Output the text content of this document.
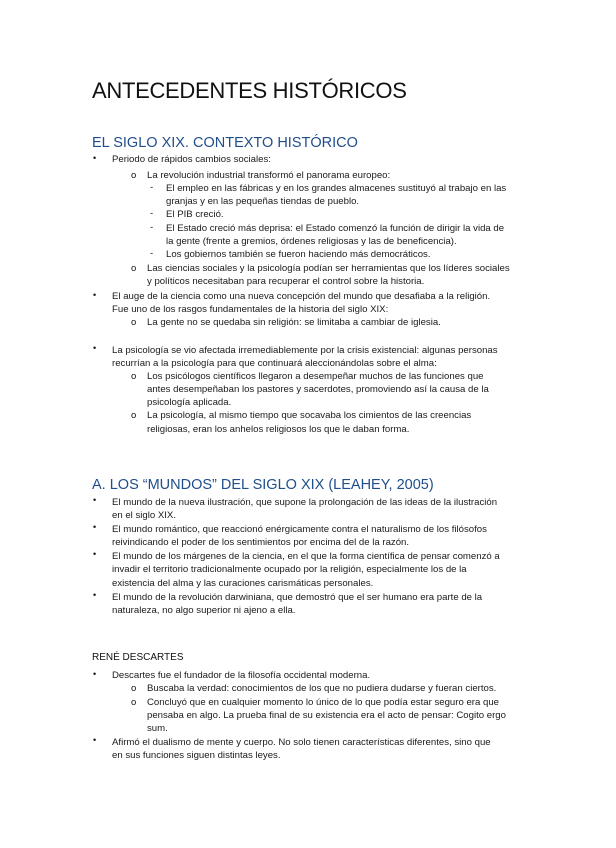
ANTECEDENTES HISTÓRICOS
EL SIGLO XIX. CONTEXTO HISTÓRICO
• Periodo de rápidos cambios sociales:

o La revolución industrial transformó el panorama europeo:

- El empleo en las fábricas y en los grandes almacenes sustituyó al trabajo en las

granjas y en las pequeñas tiendas de pueblo.

- El PIB creció.

- El Estado creció más deprisa: el Estado comenzó la función de dirigir la vida de

la gente (frente a gremios, órdenes religiosas y las de beneficencia).

- Los gobiernos también se fueron haciendo más democráticos.

o Las ciencias sociales y la psicología podían ser herramientas que los líderes sociales

y políticos necesitaban para recuperar el control sobre la historia.

• El auge de la ciencia como una nueva concepción del mundo que desafiaba a la religión.

Fue uno de los rasgos fundamentales de la historia del siglo XIX:

o La gente no se quedaba sin religión: se limitaba a cambiar de iglesia.

• La psicología se vio afectada irremediablemente por la crisis existencial: algunas personas

recurrían a la psicología para que continuará aleccionándolas sobre el alma:

o Los psicólogos científicos llegaron a desempeñar muchos de las funciones que

antes desempeñaban los pastores y sacerdotes, promoviendo así la causa de la

psicología aplicada.

o La psicología, al mismo tiempo que socavaba los cimientos de las creencias

religiosas, eran los anhelos religiosos los que le daban forma.

A. LOS “MUNDOS” DEL SIGLO XIX (LEAHEY, 2005)
• El mundo de la nueva ilustración, que supone la prolongación de las ideas de la ilustración

en el siglo XIX.

• El mundo romántico, que reaccionó enérgicamente contra el naturalismo de los filósofos

reivindicando el poder de los sentimientos por encima del de la razón.

• El mundo de los márgenes de la ciencia, en el que la forma científica de pensar comenzó a

invadir el territorio tradicionalmente ocupado por la religión, especialmente los de la

existencia del alma y las curaciones carismáticas personales.

• El mundo de la revolución darwiniana, que demostró que el ser humano era parte de la

naturaleza, no algo superior ni ajeno a ella.

RENÉ DESCARTES
• Descartes fue el fundador de la filosofía occidental moderna.

o Buscaba la verdad: conocimientos de los que no pudiera dudarse y fueran ciertos.

o Concluyó que en cualquier momento lo único de lo que podía estar seguro era que

pensaba en algo. La prueba final de su existencia era el acto de pensar: Cogito ergo

sum.

• Afirmó el dualismo de mente y cuerpo. No solo tienen características diferentes, sino que

en sus funciones siguen distintas leyes.
